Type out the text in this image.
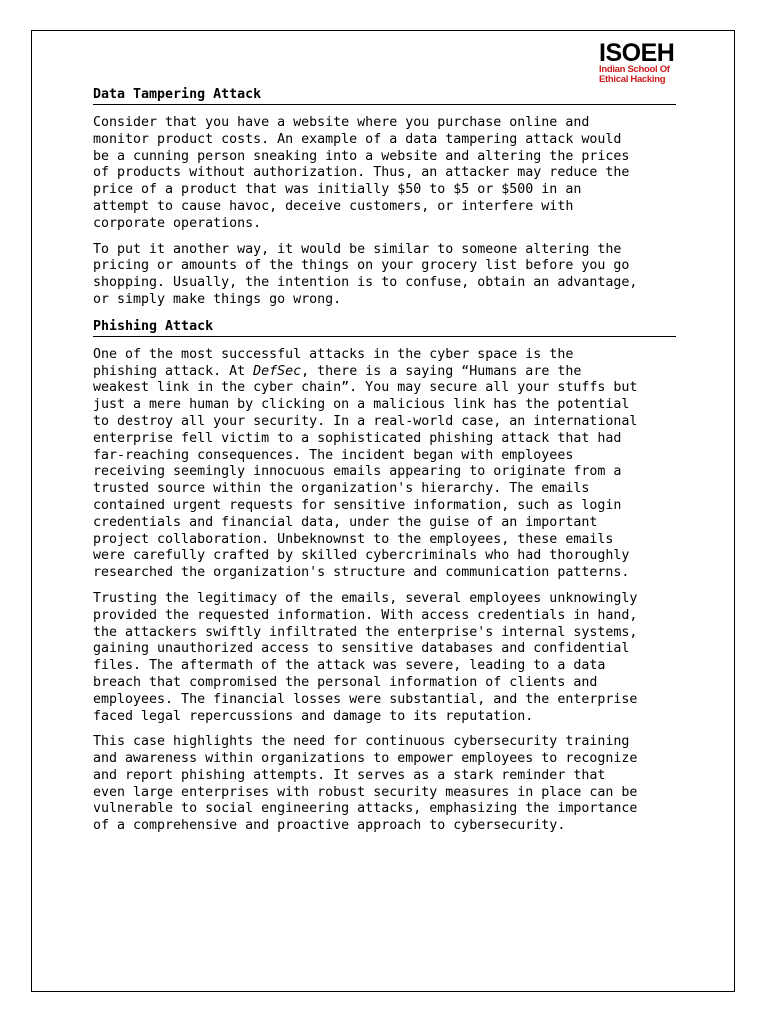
ISOEH
Indian School Of
Ethical Hacking
Data Tampering Attack

Consider that you have a website where you purchase online and
monitor product costs. An example of a data tampering attack would
be a cunning person sneaking into a website and altering the prices
of products without authorization. Thus, an attacker may reduce the
price of a product that was initially $50 to $5 or $500 in an
attempt to cause havoc, deceive customers, or interfere with
corporate operations.

To put it another way, it would be similar to someone altering the
pricing or amounts of the things on your grocery list before you go
shopping. Usually, the intention is to confuse, obtain an advantage,
or simply make things go wrong.

Phishing Attack

One of the most successful attacks in the cyber space is the
phishing attack. At DefSec, there is a saying “Humans are the
weakest link in the cyber chain”. You may secure all your stuffs but
just a mere human by clicking on a malicious link has the potential
to destroy all your security. In a real-world case, an international
enterprise fell victim to a sophisticated phishing attack that had
far-reaching consequences. The incident began with employees
receiving seemingly innocuous emails appearing to originate from a
trusted source within the organization's hierarchy. The emails
contained urgent requests for sensitive information, such as login
credentials and financial data, under the guise of an important
project collaboration. Unbeknownst to the employees, these emails
were carefully crafted by skilled cybercriminals who had thoroughly
researched the organization's structure and communication patterns.

Trusting the legitimacy of the emails, several employees unknowingly
provided the requested information. With access credentials in hand,
the attackers swiftly infiltrated the enterprise's internal systems,
gaining unauthorized access to sensitive databases and confidential
files. The aftermath of the attack was severe, leading to a data
breach that compromised the personal information of clients and
employees. The financial losses were substantial, and the enterprise
faced legal repercussions and damage to its reputation.

This case highlights the need for continuous cybersecurity training
and awareness within organizations to empower employees to recognize
and report phishing attempts. It serves as a stark reminder that
even large enterprises with robust security measures in place can be
vulnerable to social engineering attacks, emphasizing the importance
of a comprehensive and proactive approach to cybersecurity.
